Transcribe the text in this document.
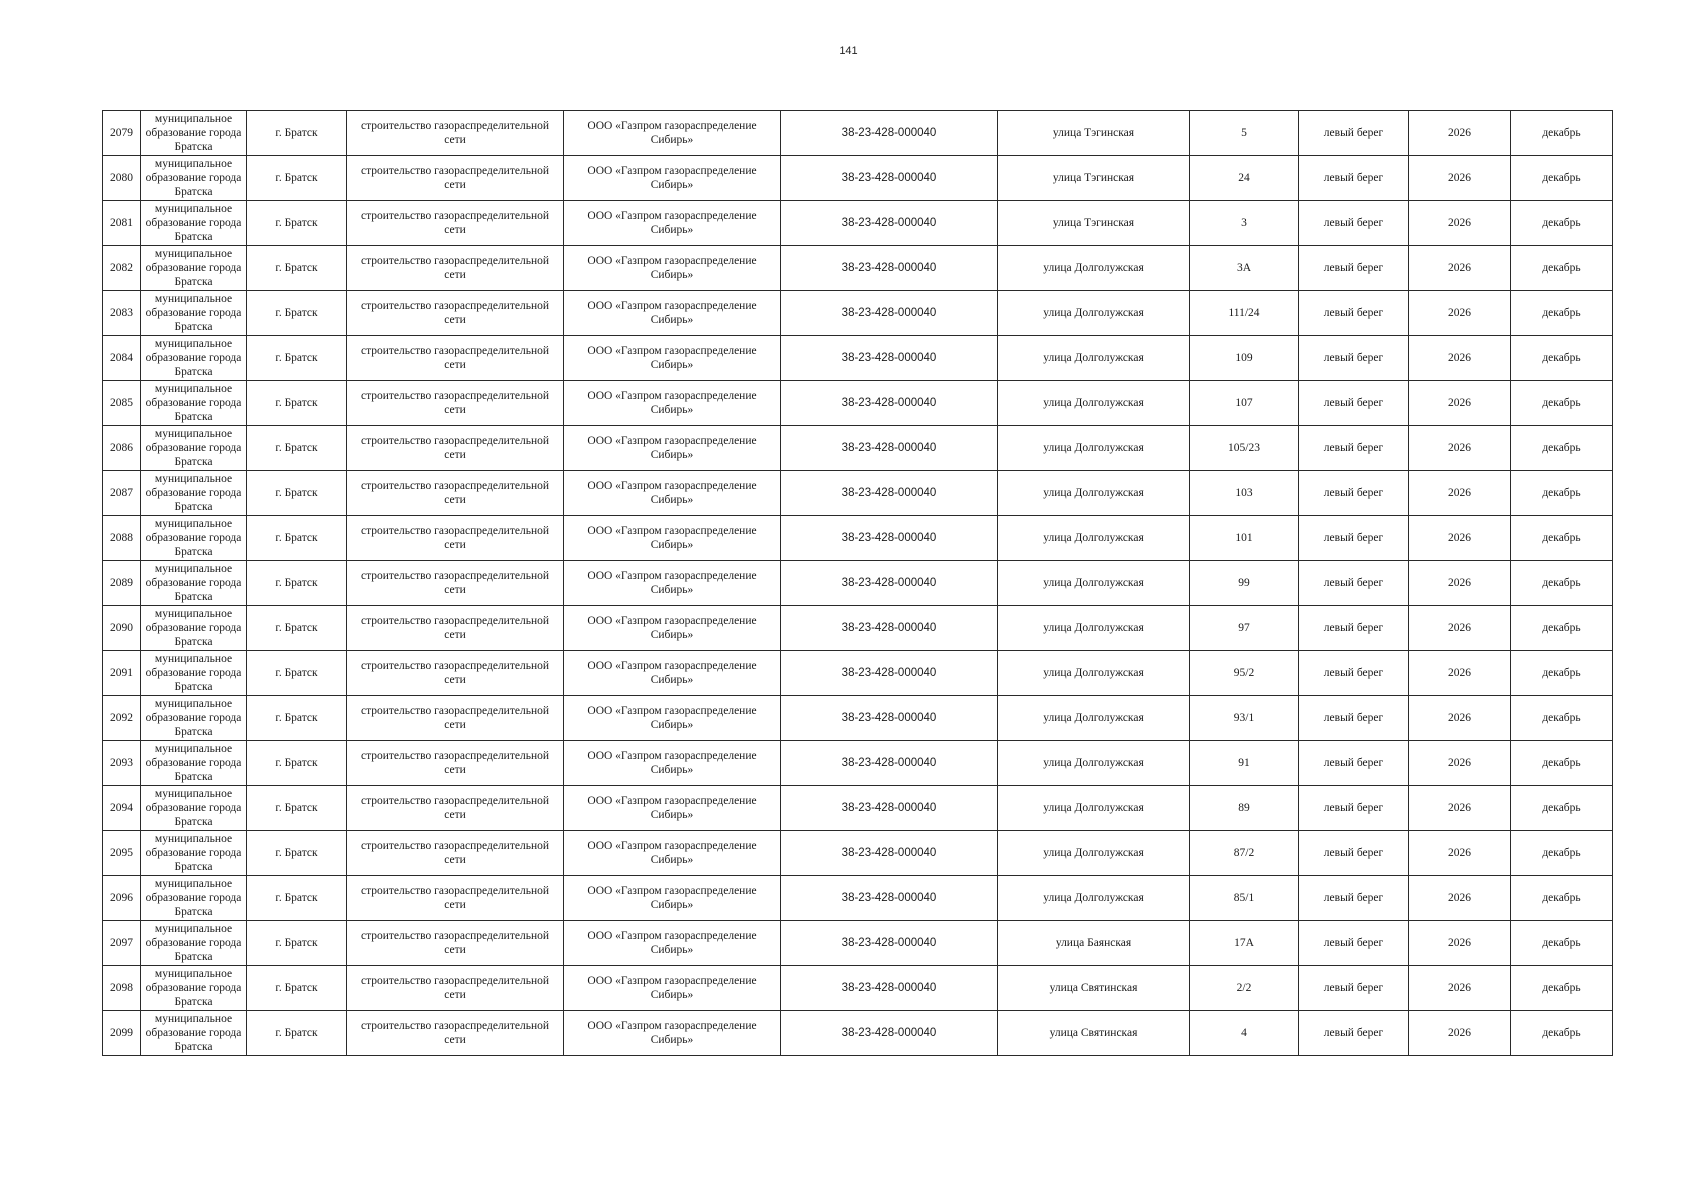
141
2079	муниципальное образование города Братска	г. Братск	строительство газораспределительной сети	ООО «Газпром газораспределение Сибирь»	38-23-428-000040	улица Тэгинская	5	левый берег	2026	декабрь
2080	муниципальное образование города Братска	г. Братск	строительство газораспределительной сети	ООО «Газпром газораспределение Сибирь»	38-23-428-000040	улица Тэгинская	24	левый берег	2026	декабрь
2081	муниципальное образование города Братска	г. Братск	строительство газораспределительной сети	ООО «Газпром газораспределение Сибирь»	38-23-428-000040	улица Тэгинская	3	левый берег	2026	декабрь
2082	муниципальное образование города Братска	г. Братск	строительство газораспределительной сети	ООО «Газпром газораспределение Сибирь»	38-23-428-000040	улица Долголужская	3А	левый берег	2026	декабрь
2083	муниципальное образование города Братска	г. Братск	строительство газораспределительной сети	ООО «Газпром газораспределение Сибирь»	38-23-428-000040	улица Долголужская	111/24	левый берег	2026	декабрь
2084	муниципальное образование города Братска	г. Братск	строительство газораспределительной сети	ООО «Газпром газораспределение Сибирь»	38-23-428-000040	улица Долголужская	109	левый берег	2026	декабрь
2085	муниципальное образование города Братска	г. Братск	строительство газораспределительной сети	ООО «Газпром газораспределение Сибирь»	38-23-428-000040	улица Долголужская	107	левый берег	2026	декабрь
2086	муниципальное образование города Братска	г. Братск	строительство газораспределительной сети	ООО «Газпром газораспределение Сибирь»	38-23-428-000040	улица Долголужская	105/23	левый берег	2026	декабрь
2087	муниципальное образование города Братска	г. Братск	строительство газораспределительной сети	ООО «Газпром газораспределение Сибирь»	38-23-428-000040	улица Долголужская	103	левый берег	2026	декабрь
2088	муниципальное образование города Братска	г. Братск	строительство газораспределительной сети	ООО «Газпром газораспределение Сибирь»	38-23-428-000040	улица Долголужская	101	левый берег	2026	декабрь
2089	муниципальное образование города Братска	г. Братск	строительство газораспределительной сети	ООО «Газпром газораспределение Сибирь»	38-23-428-000040	улица Долголужская	99	левый берег	2026	декабрь
2090	муниципальное образование города Братска	г. Братск	строительство газораспределительной сети	ООО «Газпром газораспределение Сибирь»	38-23-428-000040	улица Долголужская	97	левый берег	2026	декабрь
2091	муниципальное образование города Братска	г. Братск	строительство газораспределительной сети	ООО «Газпром газораспределение Сибирь»	38-23-428-000040	улица Долголужская	95/2	левый берег	2026	декабрь
2092	муниципальное образование города Братска	г. Братск	строительство газораспределительной сети	ООО «Газпром газораспределение Сибирь»	38-23-428-000040	улица Долголужская	93/1	левый берег	2026	декабрь
2093	муниципальное образование города Братска	г. Братск	строительство газораспределительной сети	ООО «Газпром газораспределение Сибирь»	38-23-428-000040	улица Долголужская	91	левый берег	2026	декабрь
2094	муниципальное образование города Братска	г. Братск	строительство газораспределительной сети	ООО «Газпром газораспределение Сибирь»	38-23-428-000040	улица Долголужская	89	левый берег	2026	декабрь
2095	муниципальное образование города Братска	г. Братск	строительство газораспределительной сети	ООО «Газпром газораспределение Сибирь»	38-23-428-000040	улица Долголужская	87/2	левый берег	2026	декабрь
2096	муниципальное образование города Братска	г. Братск	строительство газораспределительной сети	ООО «Газпром газораспределение Сибирь»	38-23-428-000040	улица Долголужская	85/1	левый берег	2026	декабрь
2097	муниципальное образование города Братска	г. Братск	строительство газораспределительной сети	ООО «Газпром газораспределение Сибирь»	38-23-428-000040	улица Баянская	17А	левый берег	2026	декабрь
2098	муниципальное образование города Братска	г. Братск	строительство газораспределительной сети	ООО «Газпром газораспределение Сибирь»	38-23-428-000040	улица Святинская	2/2	левый берег	2026	декабрь
2099	муниципальное образование города Братска	г. Братск	строительство газораспределительной сети	ООО «Газпром газораспределение Сибирь»	38-23-428-000040	улица Святинская	4	левый берег	2026	декабрь
